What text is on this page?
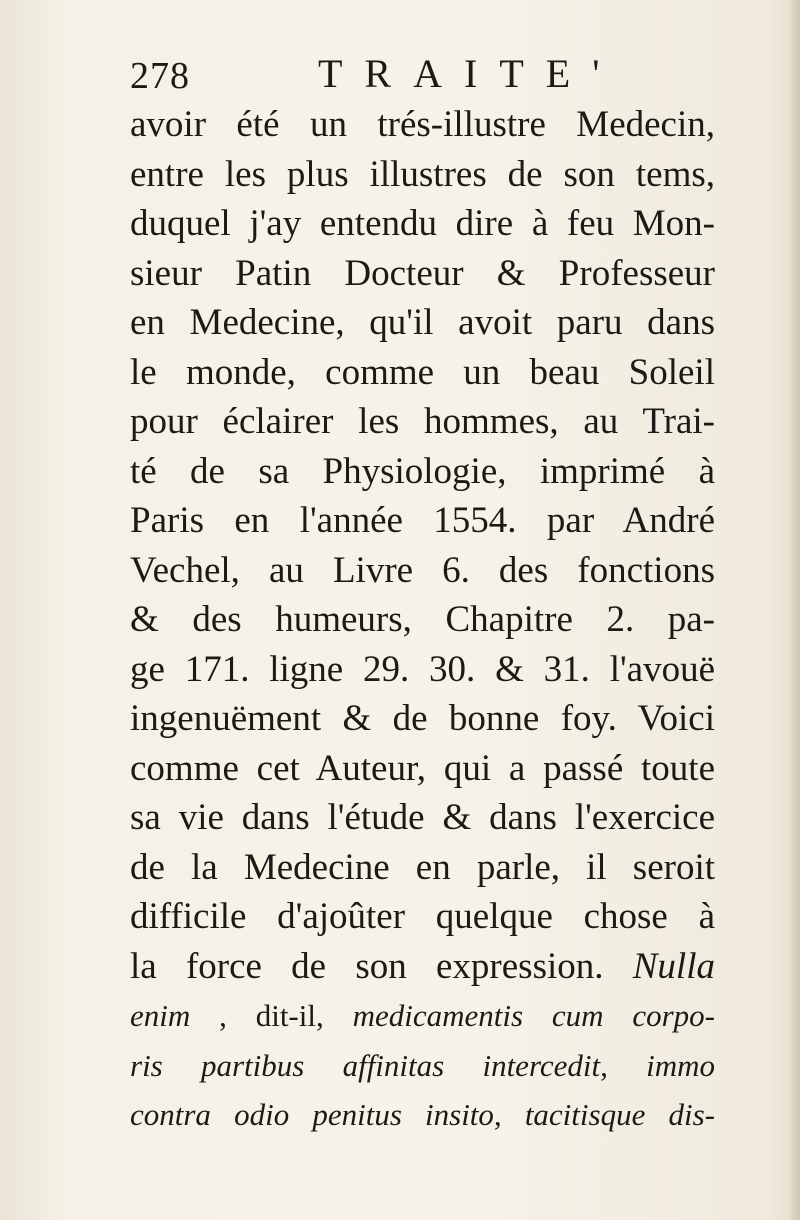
278	TRAITE'
avoir été un trés-illustre Medecin,
entre les plus illustres de son tems,
duquel j'ay entendu dire à feu Mon-
sieur Patin Docteur & Professeur
en Medecine, qu'il avoit paru dans
le monde, comme un beau Soleil
pour éclairer les hommes, au Trai-
té de sa Physiologie, imprimé à
Paris en l'année 1554. par André
Vechel, au Livre 6. des fonctions
& des humeurs, Chapitre 2. pa-
ge 171. ligne 29. 30. & 31. l'avouë
ingenuëment & de bonne foy. Voici
comme cet Auteur, qui a passé toute
sa vie dans l'étude & dans l'exercice
de la Medecine en parle, il seroit
difficile d'ajoûter quelque chose à
la force de son expression. Nulla
enim , dit-il, medicamentis cum corpo-
ris partibus affinitas intercedit, immo
contra odio penitus insito, tacitisque dis-
